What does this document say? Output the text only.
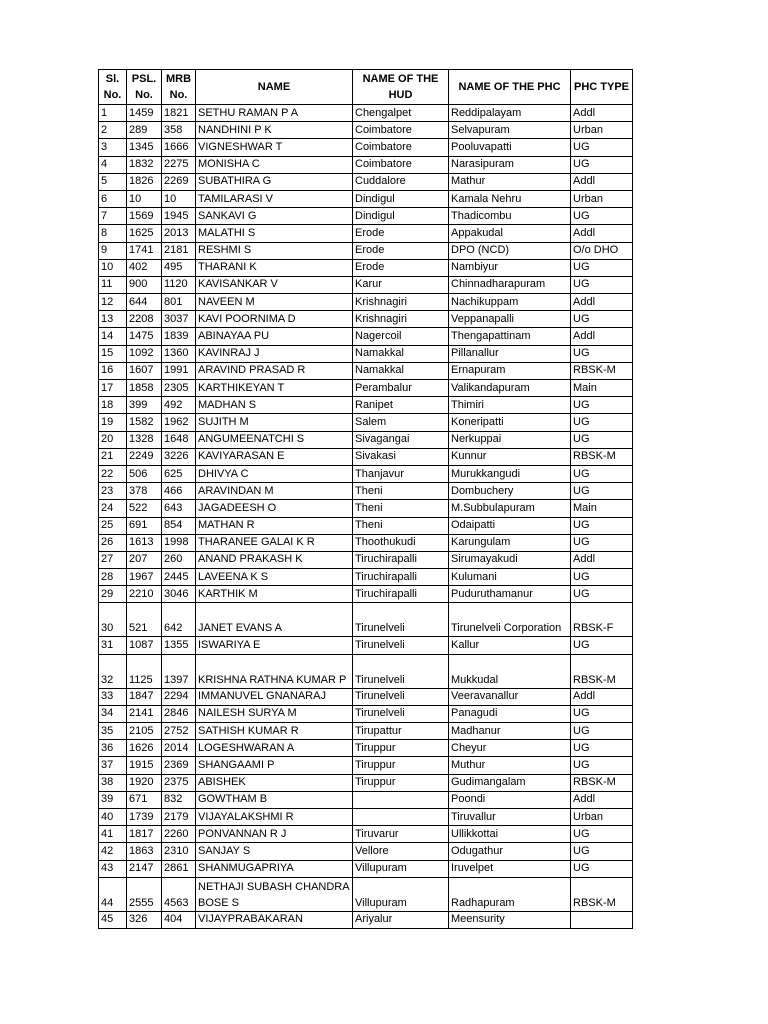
Sl. No.	PSL. No.	MRB No.	NAME	NAME OF THE HUD	NAME OF THE PHC	PHC TYPE
1	1459	1821	SETHU RAMAN P A	Chengalpet	Reddipalayam	Addl
2	289	358	NANDHINI P K	Coimbatore	Selvapuram	Urban
3	1345	1666	VIGNESHWAR T	Coimbatore	Pooluvapatti	UG
4	1832	2275	MONISHA C	Coimbatore	Narasipuram	UG
5	1826	2269	SUBATHIRA G	Cuddalore	Mathur	Addl
6	10	10	TAMILARASI V	Dindigul	Kamala Nehru	Urban
7	1569	1945	SANKAVI G	Dindigul	Thadicombu	UG
8	1625	2013	MALATHI S	Erode	Appakudal	Addl
9	1741	2181	RESHMI S	Erode	DPO (NCD)	O/o DHO
10	402	495	THARANI K	Erode	Nambiyur	UG
11	900	1120	KAVISANKAR V	Karur	Chinnadharapuram	UG
12	644	801	NAVEEN M	Krishnagiri	Nachikuppam	Addl
13	2208	3037	KAVI POORNIMA D	Krishnagiri	Veppanapalli	UG
14	1475	1839	ABINAYAA PU	Nagercoil	Thengapattinam	Addl
15	1092	1360	KAVINRAJ J	Namakkal	Pillanallur	UG
16	1607	1991	ARAVIND PRASAD R	Namakkal	Ernapuram	RBSK-M
17	1858	2305	KARTHIKEYAN T	Perambalur	Valikandapuram	Main
18	399	492	MADHAN S	Ranipet	Thimiri	UG
19	1582	1962	SUJITH M	Salem	Koneripatti	UG
20	1328	1648	ANGUMEENATCHI S	Sivagangai	Nerkuppai	UG
21	2249	3226	KAVIYARASAN E	Sivakasi	Kunnur	RBSK-M
22	506	625	DHIVYA C	Thanjavur	Murukkangudi	UG
23	378	466	ARAVINDAN M	Theni	Dombuchery	UG
24	522	643	JAGADEESH O	Theni	M.Subbulapuram	Main
25	691	854	MATHAN R	Theni	Odaipatti	UG
26	1613	1998	THARANEE GALAI K R	Thoothukudi	Karungulam	UG
27	207	260	ANAND PRAKASH K	Tiruchirapalli	Sirumayakudi	Addl
28	1967	2445	LAVEENA K S	Tiruchirapalli	Kulumani	UG
29	2210	3046	KARTHIK M	Tiruchirapalli	Puduruthamanur	UG
30	521	642	JANET EVANS A	Tirunelveli	Tirunelveli Corporation	RBSK-F
31	1087	1355	ISWARIYA E	Tirunelveli	Kallur	UG
32	1125	1397	KRISHNA RATHNA KUMAR P	Tirunelveli	Mukkudal	RBSK-M
33	1847	2294	IMMANUVEL GNANARAJ	Tirunelveli	Veeravanallur	Addl
34	2141	2846	NAILESH SURYA M	Tirunelveli	Panagudi	UG
35	2105	2752	SATHISH KUMAR R	Tirupattur	Madhanur	UG
36	1626	2014	LOGESHWARAN A	Tiruppur	Cheyur	UG
37	1915	2369	SHANGAAMI P	Tiruppur	Muthur	UG
38	1920	2375	ABISHEK	Tiruppur	Gudimangalam	RBSK-M
39	671	832	GOWTHAM B		Poondi	Addl
40	1739	2179	VIJAYALAKSHMI R		Tiruvallur	Urban
41	1817	2260	PONVANNAN R J	Tiruvarur	Ullikkottai	UG
42	1863	2310	SANJAY S	Vellore	Odugathur	UG
43	2147	2861	SHANMUGAPRIYA	Villupuram	Iruvelpet	UG
44	2555	4563	NETHAJI SUBASH CHANDRA BOSE S	Villupuram	Radhapuram	RBSK-M
45	326	404	VIJAYPRABAKARAN	Ariyalur	Meensurity	
